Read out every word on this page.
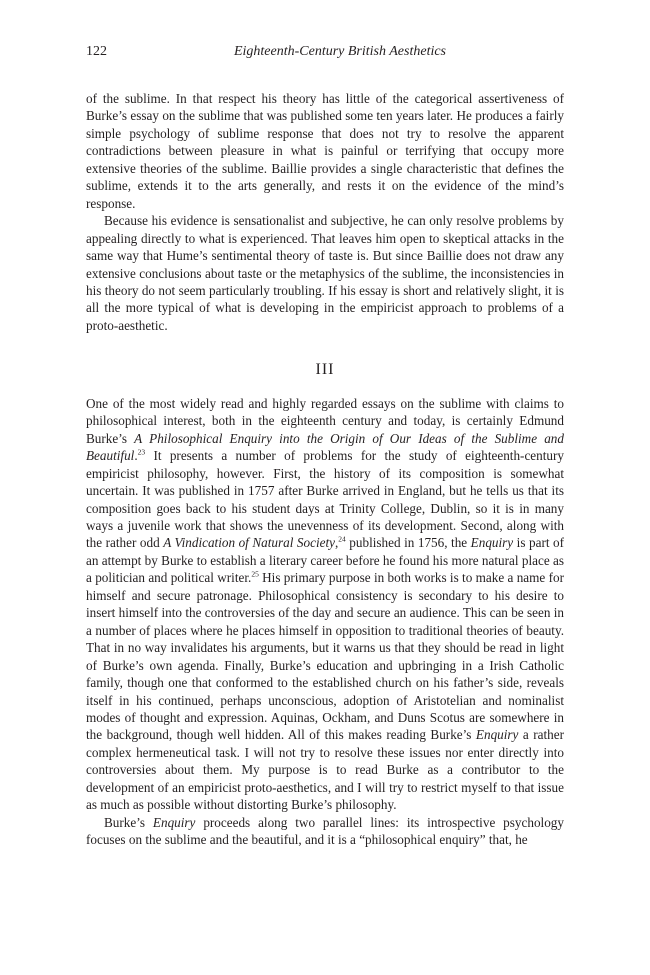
122	Eighteenth-Century British Aesthetics

of the sublime. In that respect his theory has little of the categorical assertiveness of Burke’s essay on the sublime that was published some ten years later. He produces a fairly simple psychology of sublime response that does not try to resolve the apparent contradictions between pleasure in what is painful or terrifying that occupy more extensive theories of the sublime. Baillie provides a single characteristic that defines the sublime, extends it to the arts generally, and rests it on the evidence of the mind’s response.

Because his evidence is sensationalist and subjective, he can only resolve problems by appealing directly to what is experienced. That leaves him open to skeptical attacks in the same way that Hume’s sentimental theory of taste is. But since Baillie does not draw any extensive conclusions about taste or the metaphysics of the sublime, the inconsistencies in his theory do not seem particularly troubling. If his essay is short and relatively slight, it is all the more typical of what is developing in the empiricist approach to problems of a proto-aesthetic.

III

One of the most widely read and highly regarded essays on the sublime with claims to philosophical interest, both in the eighteenth century and today, is certainly Edmund Burke’s A Philosophical Enquiry into the Origin of Our Ideas of the Sublime and Beautiful.$^{23}$ It presents a number of problems for the study of eighteenth-century empiricist philosophy, however. First, the history of its composition is somewhat uncertain. It was published in 1757 after Burke arrived in England, but he tells us that its composition goes back to his student days at Trinity College, Dublin, so it is in many ways a juvenile work that shows the unevenness of its development. Second, along with the rather odd A Vindication of Natural Society,$^{24}$ published in 1756, the Enquiry is part of an attempt by Burke to establish a literary career before he found his more natural place as a politician and political writer.$^{25}$ His primary purpose in both works is to make a name for himself and secure patronage. Philosophical consistency is secondary to his desire to insert himself into the controversies of the day and secure an audience. This can be seen in a number of places where he places himself in opposition to traditional theories of beauty. That in no way invalidates his arguments, but it warns us that they should be read in light of Burke’s own agenda. Finally, Burke’s education and upbringing in a Irish Catholic family, though one that conformed to the established church on his father’s side, reveals itself in his continued, perhaps unconscious, adoption of Aristotelian and nominalist modes of thought and expression. Aquinas, Ockham, and Duns Scotus are somewhere in the background, though well hidden. All of this makes reading Burke’s Enquiry a rather complex hermeneutical task. I will not try to resolve these issues nor enter directly into controversies about them. My purpose is to read Burke as a contributor to the development of an empiricist proto-aesthetics, and I will try to restrict myself to that issue as much as possible without distorting Burke’s philosophy.

Burke’s Enquiry proceeds along two parallel lines: its introspective psychology focuses on the sublime and the beautiful, and it is a “philosophical enquiry” that, he
